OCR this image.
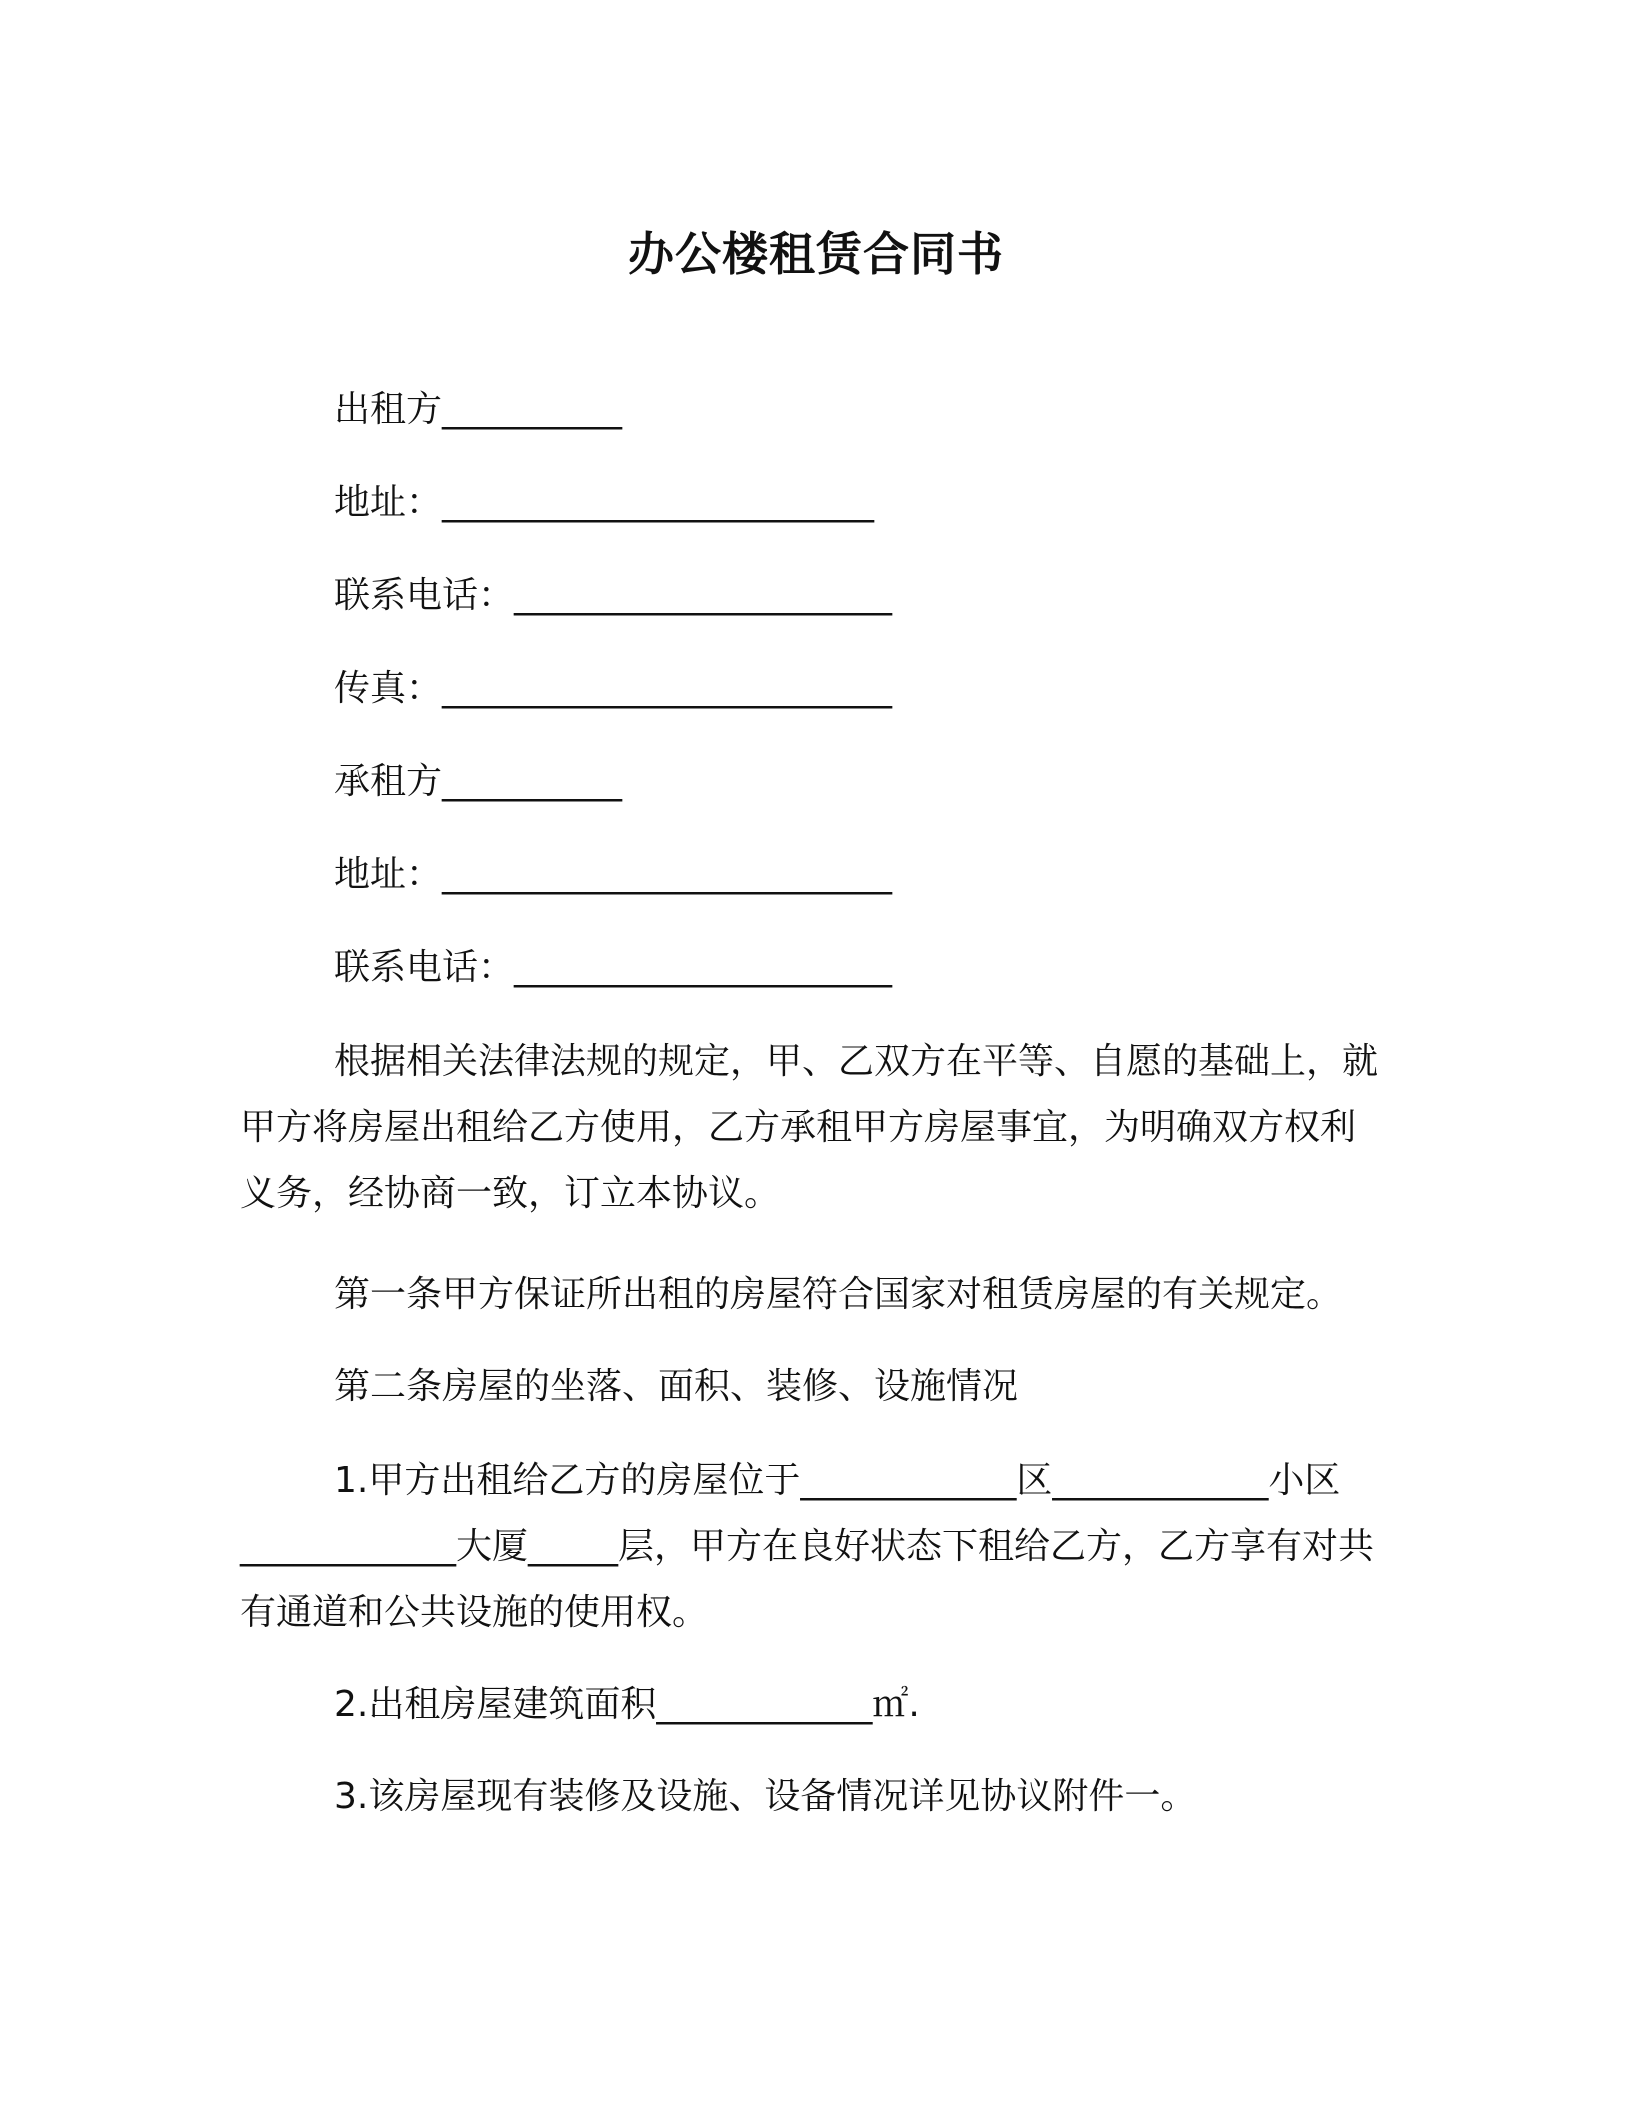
办公楼租赁合同书
出租方__________
地址：________________________
联系电话：_____________________
传真：_________________________
承租方__________
地址：_________________________
联系电话：_____________________
根据相关法律法规的规定，甲、乙双方在平等、自愿的基础上，就甲方将房屋出租给乙方使用，乙方承租甲方房屋事宜，为明确双方权利义务，经协商一致，订立本协议。
第一条甲方保证所出租的房屋符合国家对租赁房屋的有关规定。
第二条房屋的坐落、面积、装修、设施情况
1.甲方出租给乙方的房屋位于____________区____________小区____________大厦_____层，甲方在良好状态下租给乙方，乙方享有对共有通道和公共设施的使用权。
2.出租房屋建筑面积____________㎡.
3.该房屋现有装修及设施、设备情况详见协议附件一。
